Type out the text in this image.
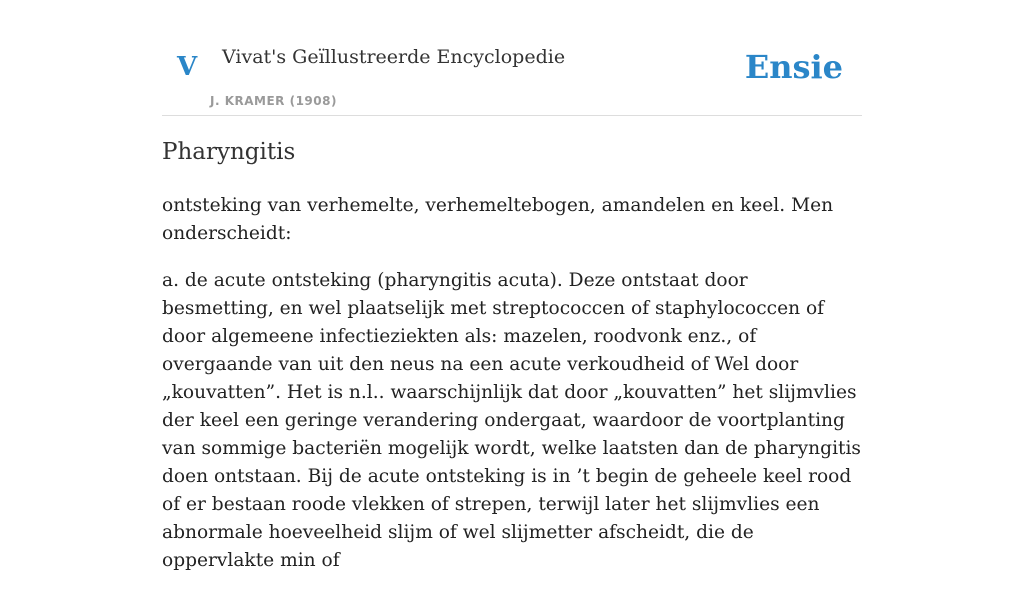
V Vivat's Geïllustreerde Encyclopedie
J. KRAMER (1908)
Ensie
Pharyngitis

ontsteking van verhemelte, verhemeltebogen, amandelen en keel. Men onderscheidt:

a. de acute ontsteking (pharyngitis acuta). Deze ontstaat door besmetting, en wel plaatselijk met streptococcen of staphylococcen of door algemeene infectieziekten als: mazelen, roodvonk enz., of overgaande van uit den neus na een acute verkoudheid of Wel door „kouvatten”. Het is n.l.. waarschijnlijk dat door „kouvatten” het slijmvlies der keel een geringe verandering ondergaat, waardoor de voortplanting van sommige bacteriën mogelijk wordt, welke laatsten dan de pharyngitis doen ontstaan. Bij de acute ontsteking is in ’t begin de geheele keel rood of er bestaan roode vlekken of strepen, terwijl later het slijmvlies een abnormale hoeveelheid slijm of wel slijmetter afscheidt, die de oppervlakte min of
